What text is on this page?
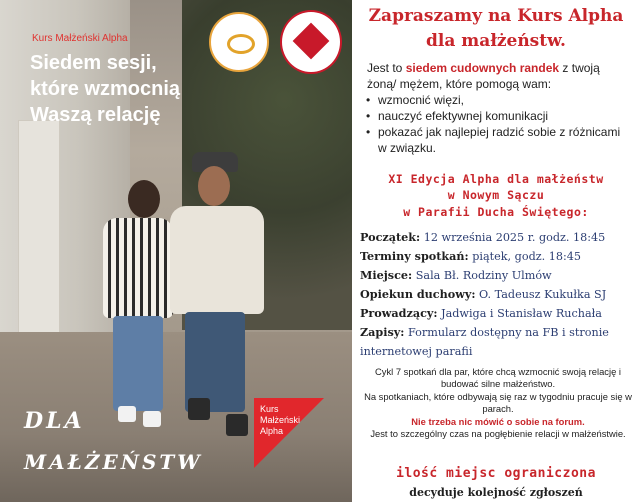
Kurs Małżeński Alpha
Siedem sesji,
które wzmocnią
Waszą relację
DLA
MAŁŻEŃSTW
Kurs
Małżeński
Alpha
Zapraszamy na Kurs Alpha
dla małżeństw.
Jest to siedem cudownych randek z twoją żoną/ mężem, które pomogą wam:
• wzmocnić więzi,
• nauczyć efektywnej komunikacji
• pokazać jak najlepiej radzić sobie z różnicami w związku.
XI Edycja Alpha dla małżeństw
w Nowym Sączu
w Parafii Ducha Świętego:
Początek: 12 września 2025 r. godz. 18:45
Terminy spotkań: piątek, godz. 18:45
Miejsce: Sala Bł. Rodziny Ulmów
Opiekun duchowy: O. Tadeusz Kukułka SJ
Prowadzący: Jadwiga i Stanisław Ruchała
Zapisy: Formularz dostępny na FB i stronie internetowej parafii
Cykl 7 spotkań dla par, które chcą wzmocnić swoją relację i budować silne małżeństwo.
Na spotkaniach, które odbywają się raz w tygodniu pracuje się w parach.
Nie trzeba nic mówić o sobie na forum.
Jest to szczególny czas na pogłębienie relacji w małżeństwie.
ilość miejsc ograniczona
decyduje kolejność zgłoszeń
